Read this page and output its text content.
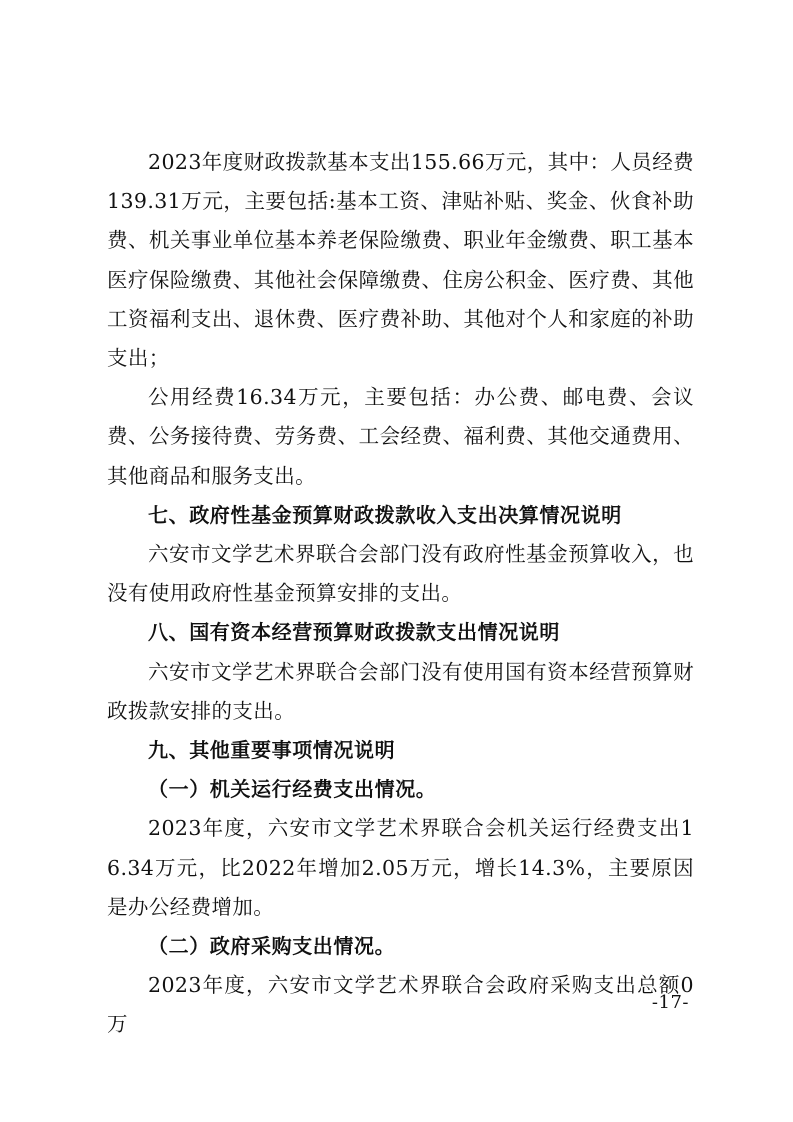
2023年度财政拨款基本支出155.66万元，其中：人员经费139.31万元，主要包括:基本工资、津贴补贴、奖金、伙食补助费、机关事业单位基本养老保险缴费、职业年金缴费、职工基本医疗保险缴费、其他社会保障缴费、住房公积金、医疗费、其他工资福利支出、退休费、医疗费补助、其他对个人和家庭的补助支出；

公用经费16.34万元，主要包括：办公费、邮电费、会议费、公务接待费、劳务费、工会经费、福利费、其他交通费用、其他商品和服务支出。

七、政府性基金预算财政拨款收入支出决算情况说明

六安市文学艺术界联合会部门没有政府性基金预算收入，也没有使用政府性基金预算安排的支出。

八、国有资本经营预算财政拨款支出情况说明

六安市文学艺术界联合会部门没有使用国有资本经营预算财政拨款安排的支出。

九、其他重要事项情况说明

（一）机关运行经费支出情况。

2023年度，六安市文学艺术界联合会机关运行经费支出16.34万元，比2022年增加2.05万元，增长14.3%，主要原因是办公经费增加。

（二）政府采购支出情况。

2023年度，六安市文学艺术界联合会政府采购支出总额0万

-17-
